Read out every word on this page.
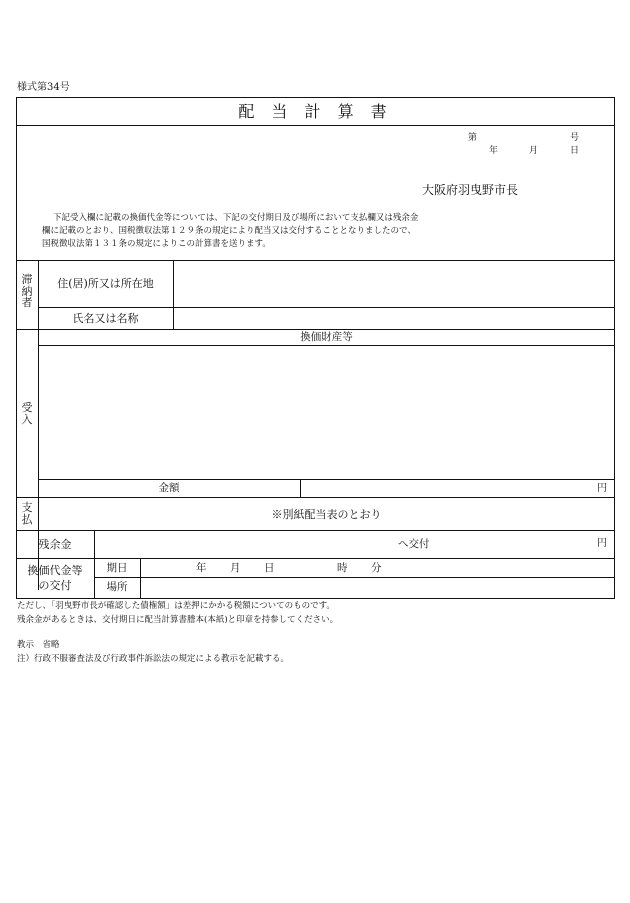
様式第34号
配 当 計 算 書
第	号
年	月	日
大阪府羽曳野市長
下記受入欄に記載の換価代金等については、下記の交付期日及び場所において支払欄又は残余金
欄に記載のとおり、国税徴収法第１２９条の規定により配当又は交付することとなりましたので、
国税徴収法第１３１条の規定によりこの計算書を送ります。
滞
納
者
住(居)所又は所在地
氏名又は名称
受
入
換価財産等
金額	円
支
払	※別紙配当表のとおり
残余金	へ交付	円
換価代金等
の交付
期日	年 月 日	時 分
場所
ただし、「羽曳野市長が確認した債権額」は差押にかかる税額についてのものです。
残余金があるときは、交付期日に配当計算書謄本(本紙)と印章を持参してください。
教示　省略
注）行政不服審査法及び行政事件訴訟法の規定による教示を記載する。
